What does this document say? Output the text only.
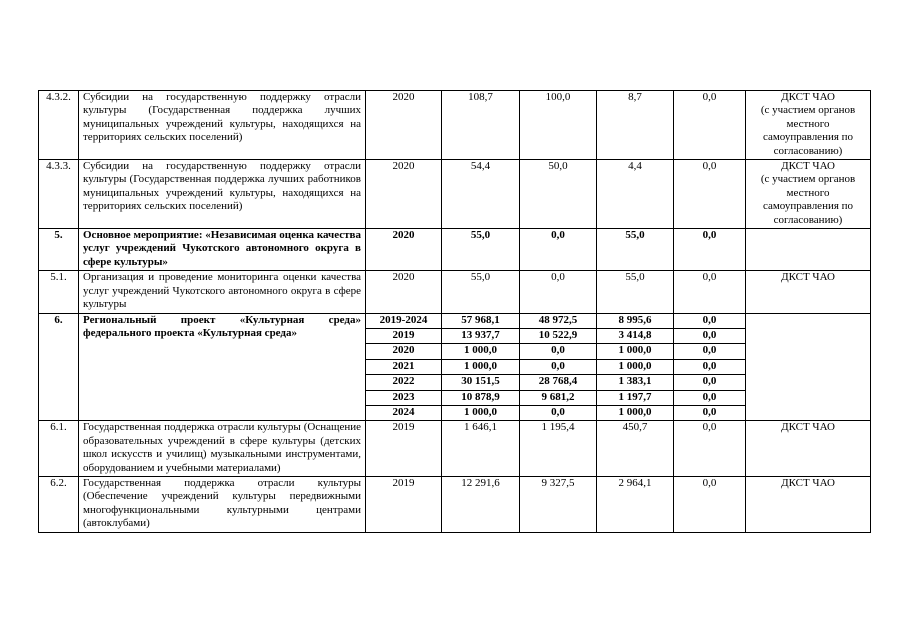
4.3.2.	Субсидии на государственную поддержку отрасли культуры (Государственная поддержка лучших муниципальных учреждений культуры, находящихся на территориях сельских поселений)	2020	108,7	100,0	8,7	0,0	ДКСТ ЧАО
(с участием органов местного самоуправления по согласованию)
4.3.3.	Субсидии на государственную поддержку отрасли культуры (Государственная поддержка лучших работников муниципальных учреждений культуры, находящихся на территориях сельских поселений)	2020	54,4	50,0	4,4	0,0	ДКСТ ЧАО
(с участием органов местного самоуправления по согласованию)
5.	Основное мероприятие: «Независимая оценка качества услуг учреждений Чукотского автономного округа в сфере культуры»	2020	55,0	0,0	55,0	0,0	
5.1.	Организация и проведение мониторинга оценки качества услуг учреждений Чукотского автономного округа в сфере культуры	2020	55,0	0,0	55,0	0,0	ДКСТ ЧАО
6.	Региональный проект «Культурная среда» федерального проекта «Культурная среда»	2019-2024	57 968,1	48 972,5	8 995,6	0,0	
		2019	13 937,7	10 522,9	3 414,8	0,0	
		2020	1 000,0	0,0	1 000,0	0,0	
		2021	1 000,0	0,0	1 000,0	0,0	
		2022	30 151,5	28 768,4	1 383,1	0,0	
		2023	10 878,9	9 681,2	1 197,7	0,0	
		2024	1 000,0	0,0	1 000,0	0,0	
6.1.	Государственная поддержка отрасли культуры (Оснащение образовательных учреждений в сфере культуры (детских школ искусств и училищ) музыкальными инструментами, оборудованием и учебными материалами)	2019	1 646,1	1 195,4	450,7	0,0	ДКСТ ЧАО
6.2.	Государственная поддержка отрасли культуры (Обеспечение учреждений культуры передвижными многофункциональными культурными центрами (автоклубами)	2019	12 291,6	9 327,5	2 964,1	0,0	ДКСТ ЧАО
